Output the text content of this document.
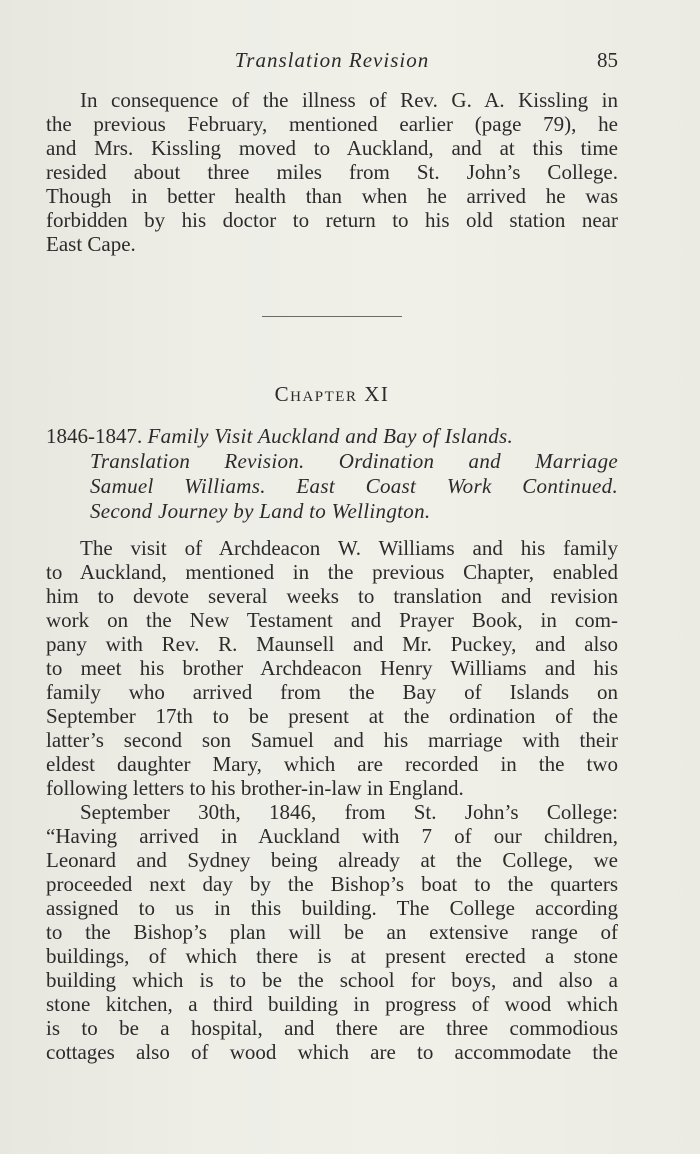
Translation Revision	85
In consequence of the illness of Rev. G. A. Kissling in
the previous February, mentioned earlier (page 79), he
and Mrs. Kissling moved to Auckland, and at this time
resided about three miles from St. John’s College.
Though in better health than when he arrived he was
forbidden by his doctor to return to his old station near
East Cape.
Chapter XI
1846-1847. Family Visit Auckland and Bay of Islands.
Translation Revision. Ordination and Marriage
Samuel Williams. East Coast Work Continued.
Second Journey by Land to Wellington.
The visit of Archdeacon W. Williams and his family
to Auckland, mentioned in the previous Chapter, enabled
him to devote several weeks to translation and revision
work on the New Testament and Prayer Book, in com-
pany with Rev. R. Maunsell and Mr. Puckey, and also
to meet his brother Archdeacon Henry Williams and his
family who arrived from the Bay of Islands on
September 17th to be present at the ordination of the
latter’s second son Samuel and his marriage with their
eldest daughter Mary, which are recorded in the two
following letters to his brother-in-law in England.
September 30th, 1846, from St. John’s College:
“Having arrived in Auckland with 7 of our children,
Leonard and Sydney being already at the College, we
proceeded next day by the Bishop’s boat to the quarters
assigned to us in this building. The College according
to the Bishop’s plan will be an extensive range of
buildings, of which there is at present erected a stone
building which is to be the school for boys, and also a
stone kitchen, a third building in progress of wood which
is to be a hospital, and there are three commodious
cottages also of wood which are to accommodate the
